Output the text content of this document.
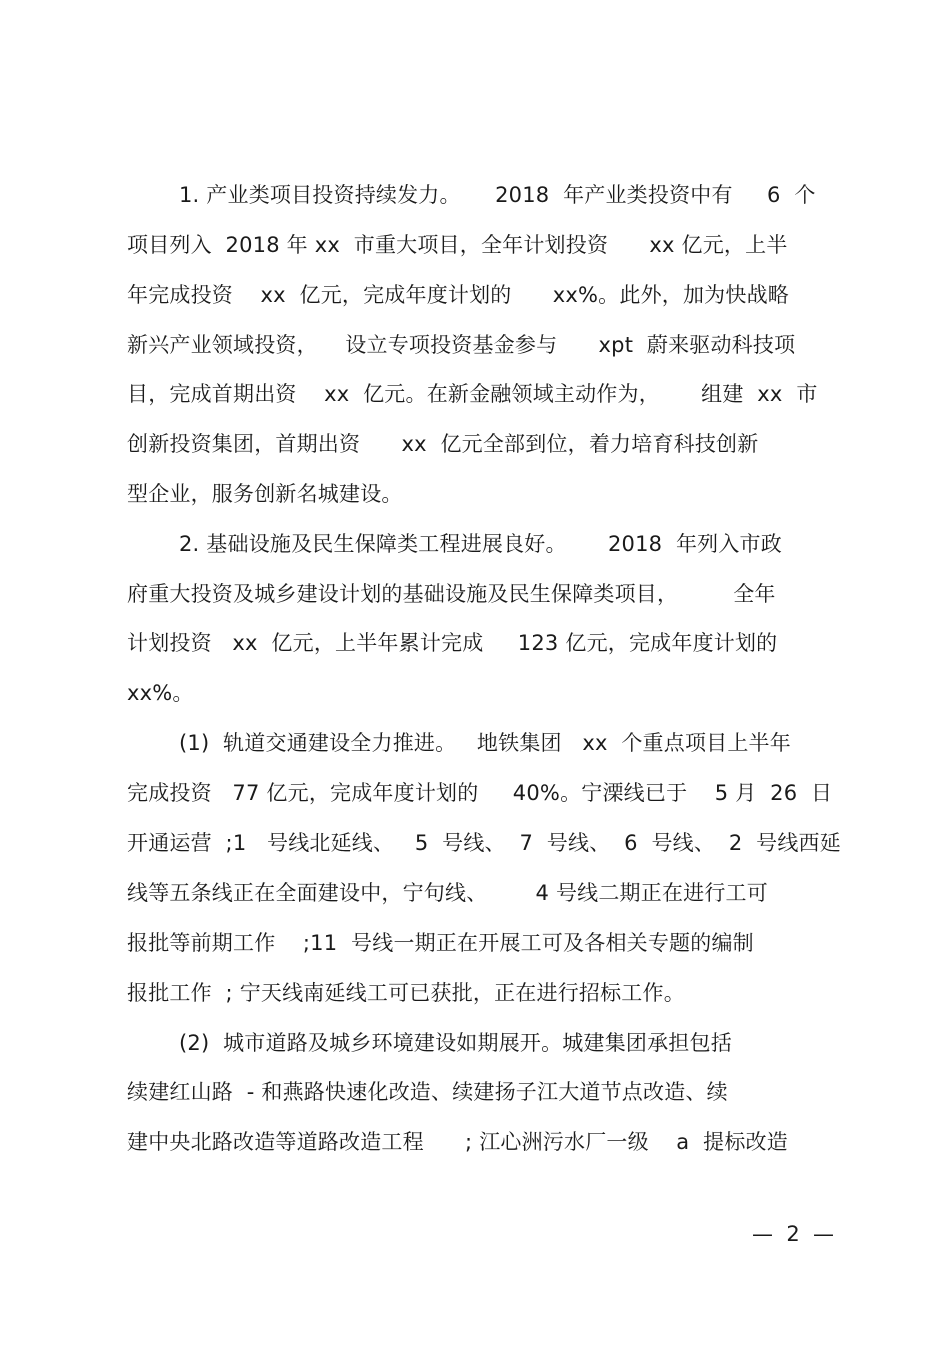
1. 产业类项目投资持续发力。     2018  年产业类投资中有     6  个
项目列入  2018 年 xx  市重大项目，全年计划投资      xx 亿元，上半
年完成投资    xx  亿元，完成年度计划的      xx%。此外，加为快战略
新兴产业领域投资，    设立专项投资基金参与      xpt  蔚来驱动科技项
目，完成首期出资    xx  亿元。在新金融领域主动作为，      组建  xx  市
创新投资集团，首期出资      xx  亿元全部到位，着力培育科技创新
型企业，服务创新名城建设。
2. 基础设施及民生保障类工程进展良好。      2018  年列入市政
府重大投资及城乡建设计划的基础设施及民生保障类项目，        全年
计划投资   xx  亿元，上半年累计完成     123 亿元，完成年度计划的
xx%。
(1)  轨道交通建设全力推进。   地铁集团   xx  个重点项目上半年
完成投资   77 亿元，完成年度计划的     40%。宁溧线已于    5 月  26  日
开通运营  ;1   号线北延线、   5  号线、  7  号线、  6  号线、  2  号线西延
线等五条线正在全面建设中，宁句线、       4 号线二期正在进行工可
报批等前期工作    ;11  号线一期正在开展工可及各相关专题的编制
报批工作  ; 宁天线南延线工可已获批，正在进行招标工作。
(2)  城市道路及城乡环境建设如期展开。城建集团承担包括
续建红山路  - 和燕路快速化改造、续建扬子江大道节点改造、续
建中央北路改造等道路改造工程      ; 江心洲污水厂一级    a  提标改造
—  2  —
